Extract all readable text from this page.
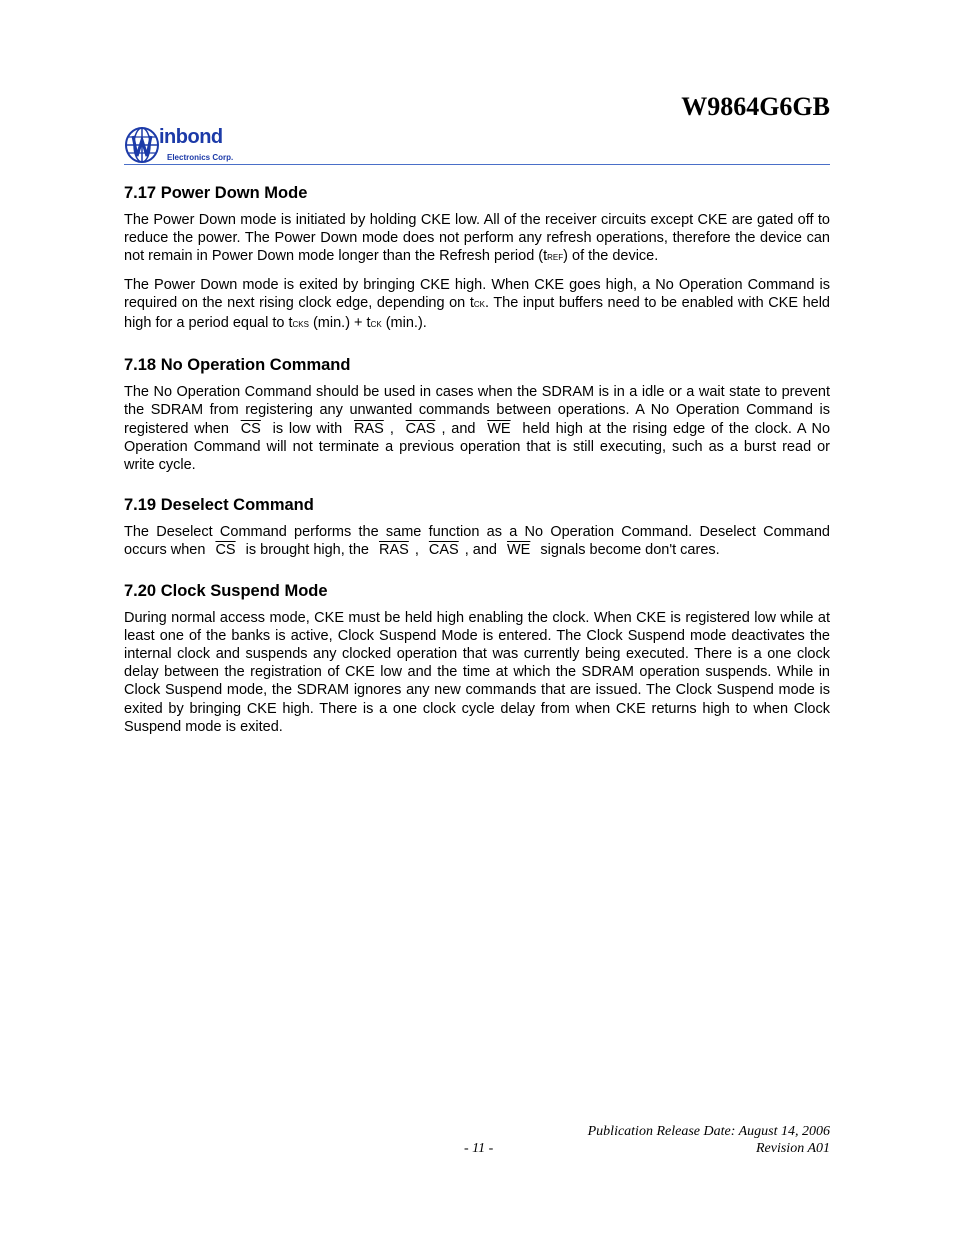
W9864G6GB
inbond
Electronics Corp.
7.17 Power Down Mode

The Power Down mode is initiated by holding CKE low. All of the receiver circuits except CKE are gated off to reduce the power. The Power Down mode does not perform any refresh operations, therefore the device can not remain in Power Down mode longer than the Refresh period (tREF) of the device.

The Power Down mode is exited by bringing CKE high. When CKE goes high, a No Operation Command is required on the next rising clock edge, depending on tCK. The input buffers need to be enabled with CKE held high for a period equal to tCKS (min.) + tCK (min.).

7.18 No Operation Command

The No Operation Command should be used in cases when the SDRAM is in a idle or a wait state to prevent the SDRAM from registering any unwanted commands between operations. A No Operation Command is registered when $\overline{CS}$ is low with $\overline{RAS}$ , $\overline{CAS}$ , and $\overline{WE}$ held high at the rising edge of the clock. A No Operation Command will not terminate a previous operation that is still executing, such as a burst read or write cycle.

7.19 Deselect Command

The Deselect Command performs the same function as a No Operation Command. Deselect Command occurs when $\overline{CS}$ is brought high, the $\overline{RAS}$ , $\overline{CAS}$ , and $\overline{WE}$ signals become don't cares.

7.20 Clock Suspend Mode

During normal access mode, CKE must be held high enabling the clock. When CKE is registered low while at least one of the banks is active, Clock Suspend Mode is entered. The Clock Suspend mode deactivates the internal clock and suspends any clocked operation that was currently being executed. There is a one clock delay between the registration of CKE low and the time at which the SDRAM operation suspends. While in Clock Suspend mode, the SDRAM ignores any new commands that are issued. The Clock Suspend mode is exited by bringing CKE high. There is a one clock cycle delay from when CKE returns high to when Clock Suspend mode is exited.

Publication Release Date: August 14, 2006
- 11 -	Revision A01
